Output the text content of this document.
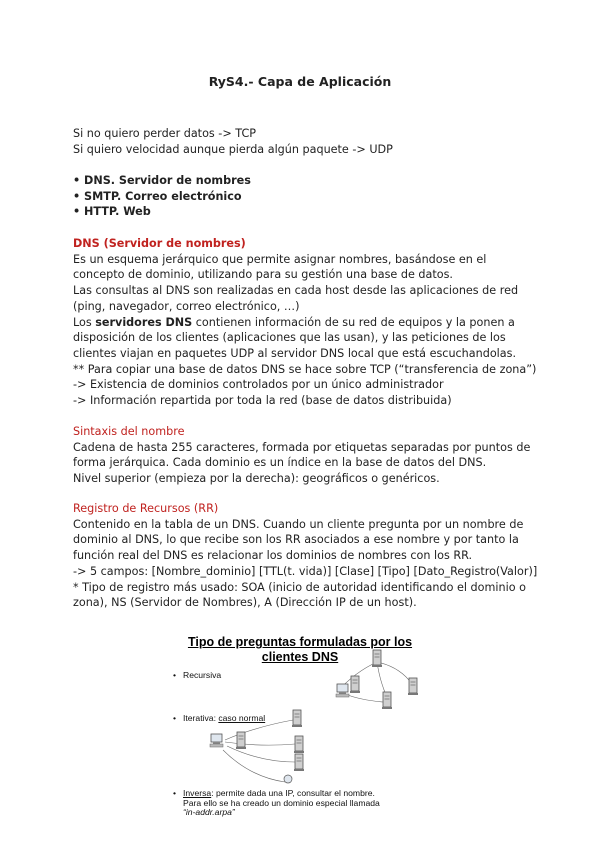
RyS4.- Capa de Aplicación
Si no quiero perder datos -> TCP
Si quiero velocidad aunque pierda algún paquete -> UDP
• DNS. Servidor de nombres
• SMTP. Correo electrónico
• HTTP. Web
DNS (Servidor de nombres)
Es un esquema jerárquico que permite asignar nombres, basándose en el
concepto de dominio, utilizando para su gestión una base de datos.
Las consultas al DNS son realizadas en cada host desde las aplicaciones de red
(ping, navegador, correo electrónico, …)
Los servidores DNS contienen información de su red de equipos y la ponen a
disposición de los clientes (aplicaciones que las usan), y las peticiones de los
clientes viajan en paquetes UDP al servidor DNS local que está escuchandolas.
** Para copiar una base de datos DNS se hace sobre TCP (“transferencia de zona”)
-> Existencia de dominios controlados por un único administrador
-> Información repartida por toda la red (base de datos distribuida)
Sintaxis del nombre
Cadena de hasta 255 caracteres, formada por etiquetas separadas por puntos de
forma jerárquica. Cada dominio es un índice en la base de datos del DNS.
Nivel superior (empieza por la derecha): geográficos o genéricos.
Registro de Recursos (RR)
Contenido en la tabla de un DNS. Cuando un cliente pregunta por un nombre de
dominio al DNS, lo que recibe son los RR asociados a ese nombre y por tanto la
función real del DNS es relacionar los dominios de nombres con los RR.
-> 5 campos: [Nombre_dominio] [TTL(t. vida)] [Clase] [Tipo] [Dato_Registro(Valor)]
* Tipo de registro más usado: SOA (inicio de autoridad identificando el dominio o
zona), NS (Servidor de Nombres), A (Dirección IP de un host).
Tipo de preguntas formuladas por los
clientes DNS
• Recursiva
• Iterativa: caso normal
• Inversa: permite dada una IP, consultar el nombre.
Para ello se ha creado un dominio especial llamada
“in-addr.arpa”
